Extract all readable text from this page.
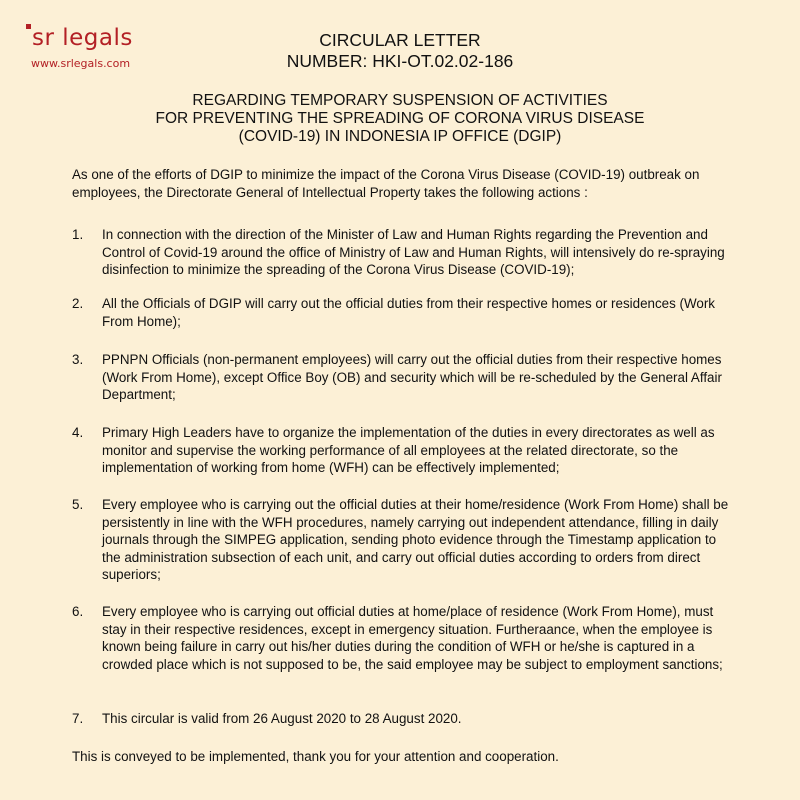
sr legals
www.srlegals.com
CIRCULAR LETTER
NUMBER: HKI-OT.02.02-186
REGARDING TEMPORARY SUSPENSION OF ACTIVITIES
FOR PREVENTING THE SPREADING OF CORONA VIRUS DISEASE
(COVID-19) IN INDONESIA IP OFFICE (DGIP)
As one of the efforts of DGIP to minimize the impact of the Corona Virus Disease (COVID-19) outbreak on employees, the Directorate General of Intellectual Property takes the following actions :
1. In connection with the direction of the Minister of Law and Human Rights regarding the Prevention and Control of Covid-19 around the office of Ministry of Law and Human Rights, will intensively do re-spraying disinfection to minimize the spreading of the Corona Virus Disease (COVID-19);
2. All the Officials of DGIP will carry out the official duties from their respective homes or residences (Work From Home);
3. PPNPN Officials (non-permanent employees) will carry out the official duties from their respective homes (Work From Home), except Office Boy (OB) and security which will be re-scheduled by the General Affair Department;
4. Primary High Leaders have to organize the implementation of the duties in every directorates as well as monitor and supervise the working performance of all employees at the related directorate, so the implementation of working from home (WFH) can be effectively implemented;
5. Every employee who is carrying out the official duties at their home/residence (Work From Home) shall be persistently in line with the WFH procedures, namely carrying out independent attendance, filling in daily journals through the SIMPEG application, sending photo evidence through the Timestamp application to the administration subsection of each unit, and carry out official duties according to orders from direct superiors;
6. Every employee who is carrying out official duties at home/place of residence (Work From Home), must stay in their respective residences, except in emergency situation. Furtheraance, when the employee is known being failure in carry out his/her duties during the condition of WFH or he/she is captured in a crowded place which is not supposed to be, the said employee may be subject to employment sanctions;
7. This circular is valid from 26 August 2020 to 28 August 2020.
This is conveyed to be implemented, thank you for your attention and cooperation.
